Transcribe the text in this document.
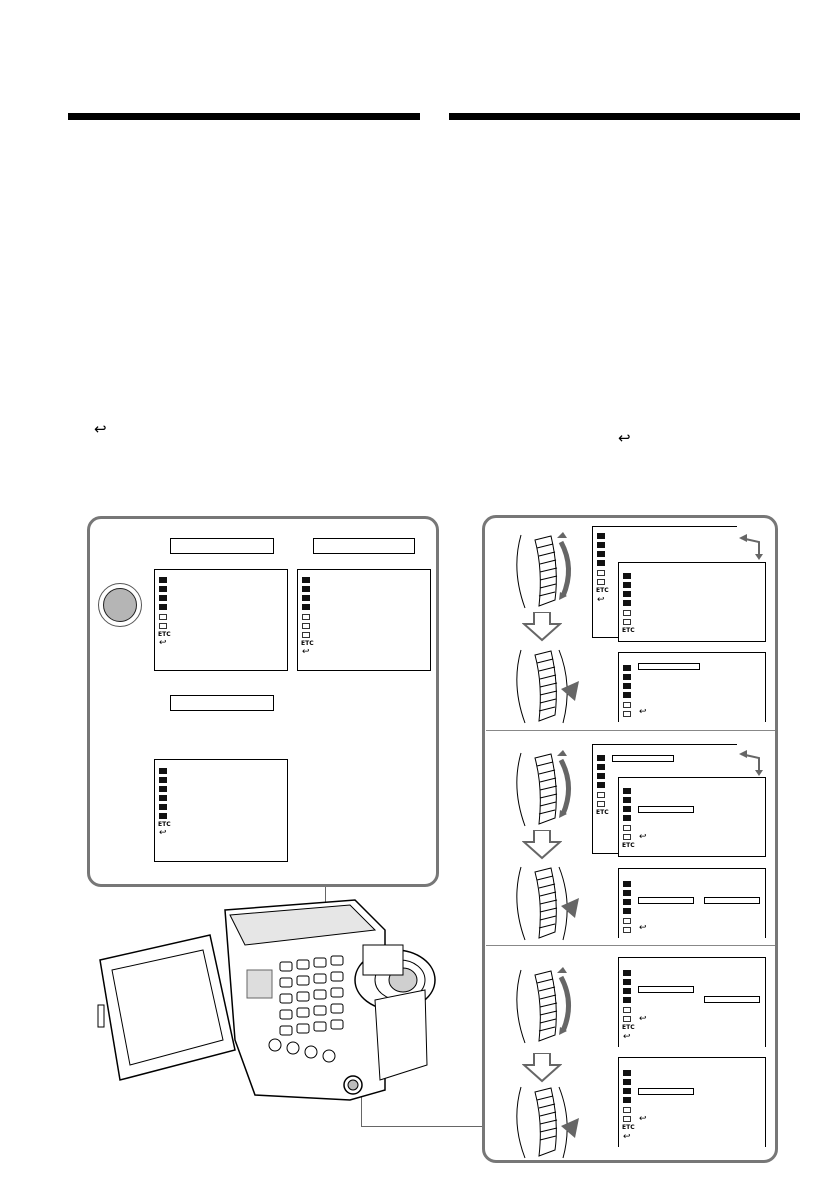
↩	↩
ETC
↩	ETC
↩
ETC
↩
ETC
↩
ETC
↩
ETC
ETC
↩
↩
ETC
↩
↩
ETC
↩
↩
